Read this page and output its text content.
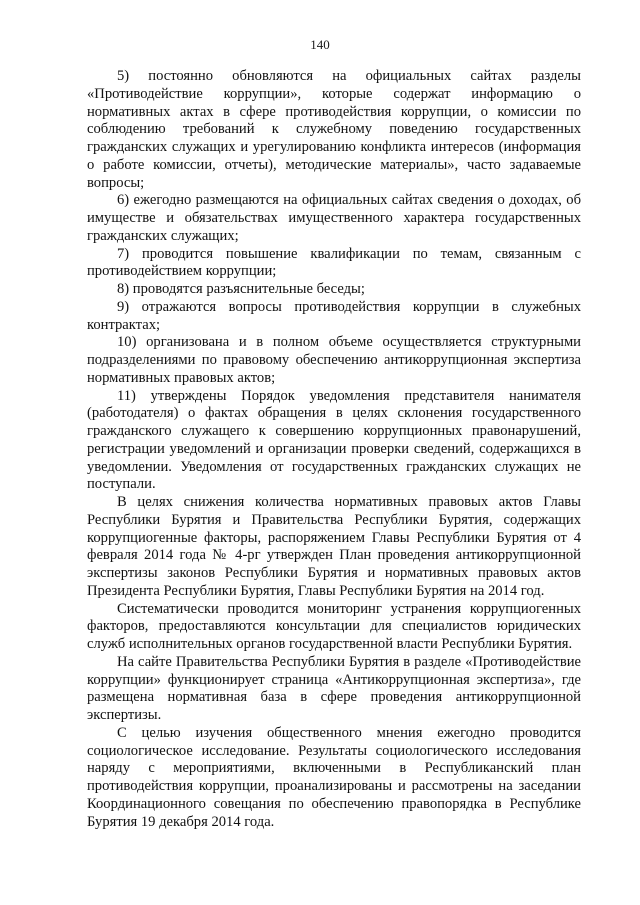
140

5) постоянно обновляются на официальных сайтах разделы «Противодействие коррупции», которые содержат информацию о нормативных актах в сфере противодействия коррупции, о комиссии по соблюдению требований к служебному поведению государственных гражданских служащих и урегулированию конфликта интересов (информация о работе комиссии, отчеты), методические материалы», часто задаваемые вопросы;

6) ежегодно размещаются на официальных сайтах сведения о доходах, об имуществе и обязательствах имущественного характера государственных гражданских служащих;

7) проводится повышение квалификации по темам, связанным с противодействием коррупции;

8) проводятся разъяснительные беседы;

9) отражаются вопросы противодействия коррупции в служебных контрактах;

10) организована и в полном объеме осуществляется структурными подразделениями по правовому обеспечению антикоррупционная экспертиза нормативных правовых актов;

11) утверждены Порядок уведомления представителя нанимателя (работодателя) о фактах обращения в целях склонения государственного гражданского служащего к совершению коррупционных правонарушений, регистрации уведомлений и организации проверки сведений, содержащихся в уведомлении. Уведомления от государственных гражданских служащих не поступали.

В целях снижения количества нормативных правовых актов Главы Республики Бурятия и Правительства Республики Бурятия, содержащих коррупциогенные факторы, распоряжением Главы Республики Бурятия от 4 февраля 2014 года № 4-рг утвержден План проведения антикоррупционной экспертизы законов Республики Бурятия и нормативных правовых актов Президента Республики Бурятия, Главы Республики Бурятия на 2014 год.

Систематически проводится мониторинг устранения коррупциогенных факторов, предоставляются консультации для специалистов юридических служб исполнительных органов государственной власти Республики Бурятия.

На сайте Правительства Республики Бурятия в разделе «Противодействие коррупции» функционирует страница «Антикоррупционная экспертиза», где размещена нормативная база в сфере проведения антикоррупционной экспертизы.

С целью изучения общественного мнения ежегодно проводится социологическое исследование. Результаты социологического исследования наряду с мероприятиями, включенными в Республиканский план противодействия коррупции, проанализированы и рассмотрены на заседании Координационного совещания по обеспечению правопорядка в Республике Бурятия 19 декабря 2014 года.
